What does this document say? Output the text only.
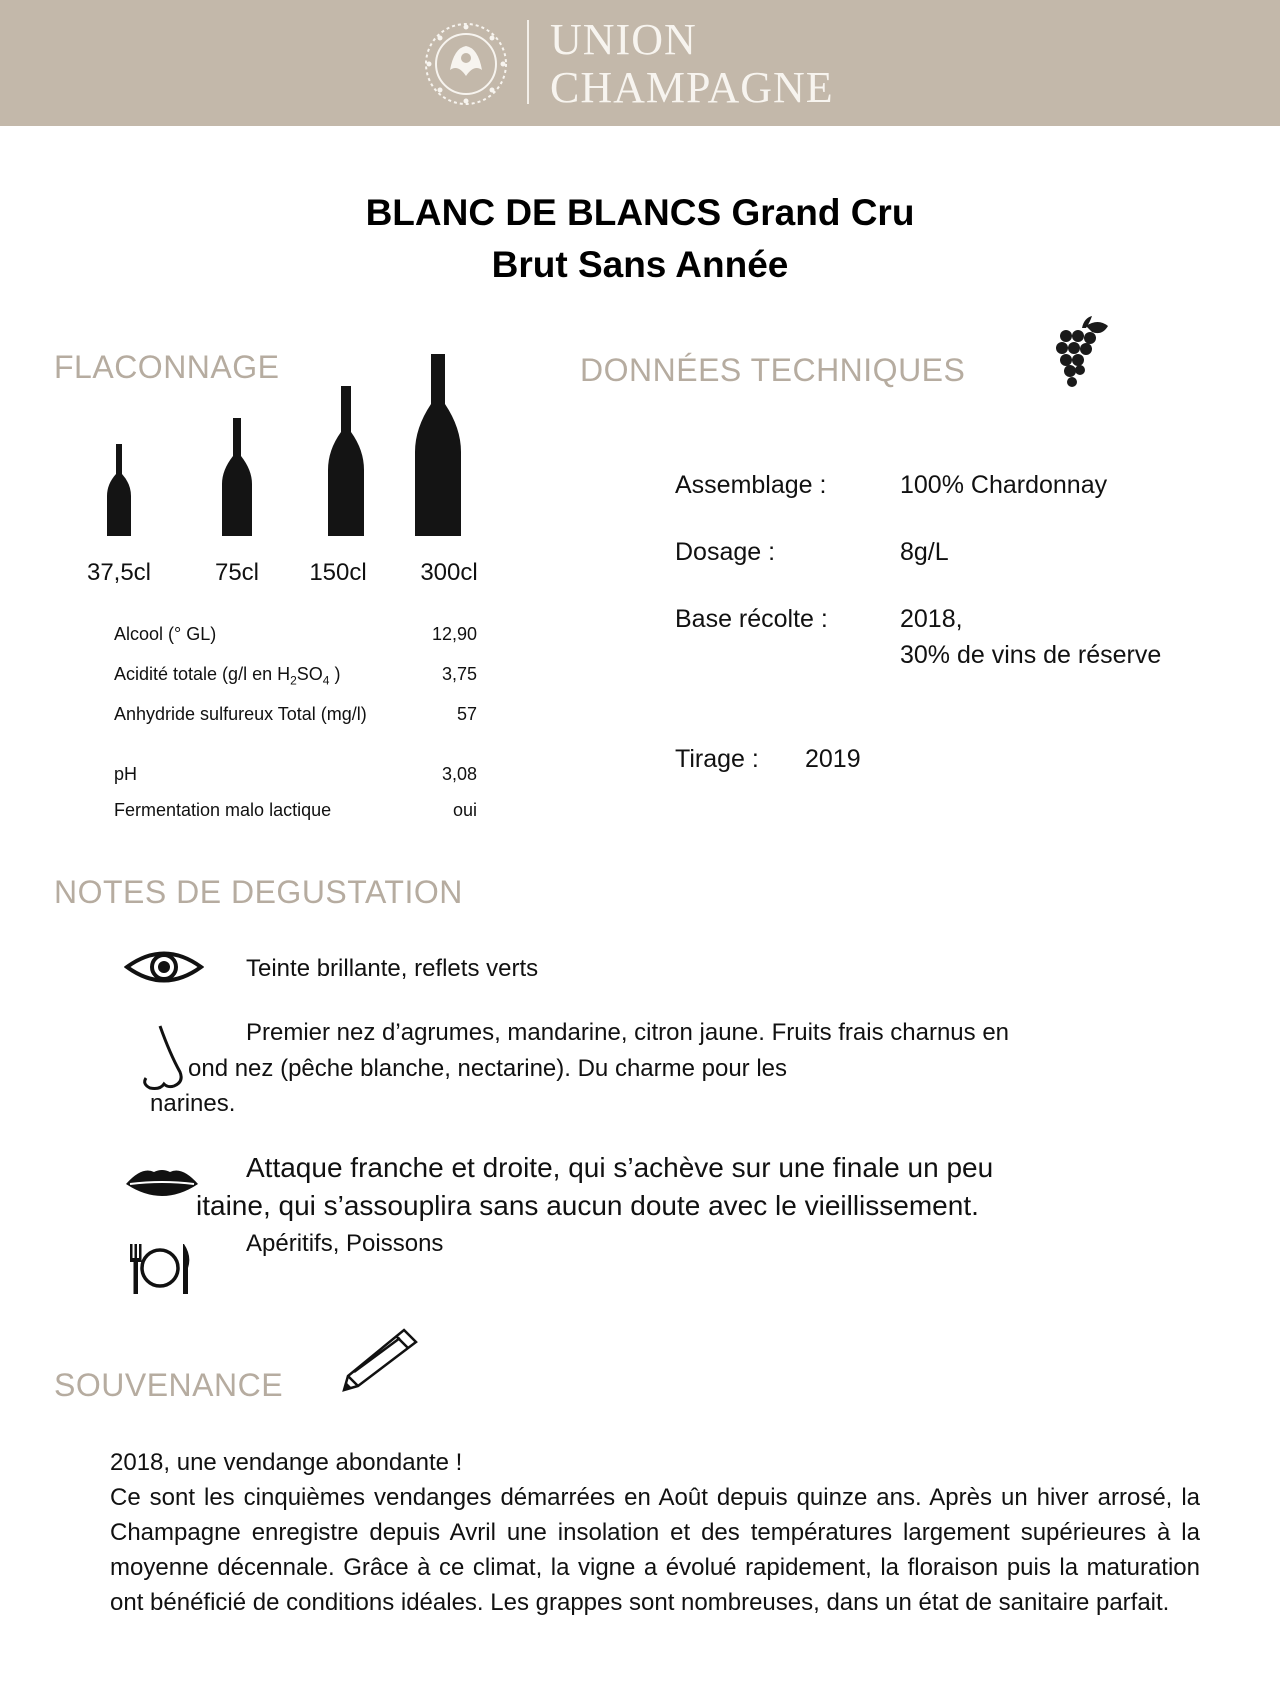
UNION
CHAMPAGNE
BLANC DE BLANCS Grand Cru
Brut Sans Année
FLACONNAGE
37,5cl	75cl	150cl	300cl
Alcool (° GL)	12,90
Acidité totale (g/l en $H_2SO_4$ )	3,75
Anhydride sulfureux Total (mg/l)	57
pH	3,08
Fermentation malo lactique	oui
DONNÉES TECHNIQUES
Assemblage :	100% Chardonnay
Dosage :	8g/L
Base récolte :	2018,
30% de vins de réserve
Tirage : 2019
NOTES DE DEGUSTATION
Teinte brillante, reflets verts
Premier nez d’agrumes, mandarine, citron jaune. Fruits frais charnus en
ond nez (pêche blanche, nectarine). Du charme pour les
narines.
Attaque franche et droite, qui s’achève sur une finale un peu
itaine, qui s’assouplira sans aucun doute avec le vieillissement.
Apéritifs, Poissons
SOUVENANCE

2018, une vendange abondante !

Ce sont les cinquièmes vendanges démarrées en Août depuis quinze ans. Après un hiver arrosé, la Champagne enregistre depuis Avril une insolation et des températures largement supérieures à la moyenne décennale. Grâce à ce climat, la vigne a évolué rapidement, la floraison puis la maturation ont bénéficié de conditions idéales. Les grappes sont nombreuses, dans un état de sanitaire parfait.
